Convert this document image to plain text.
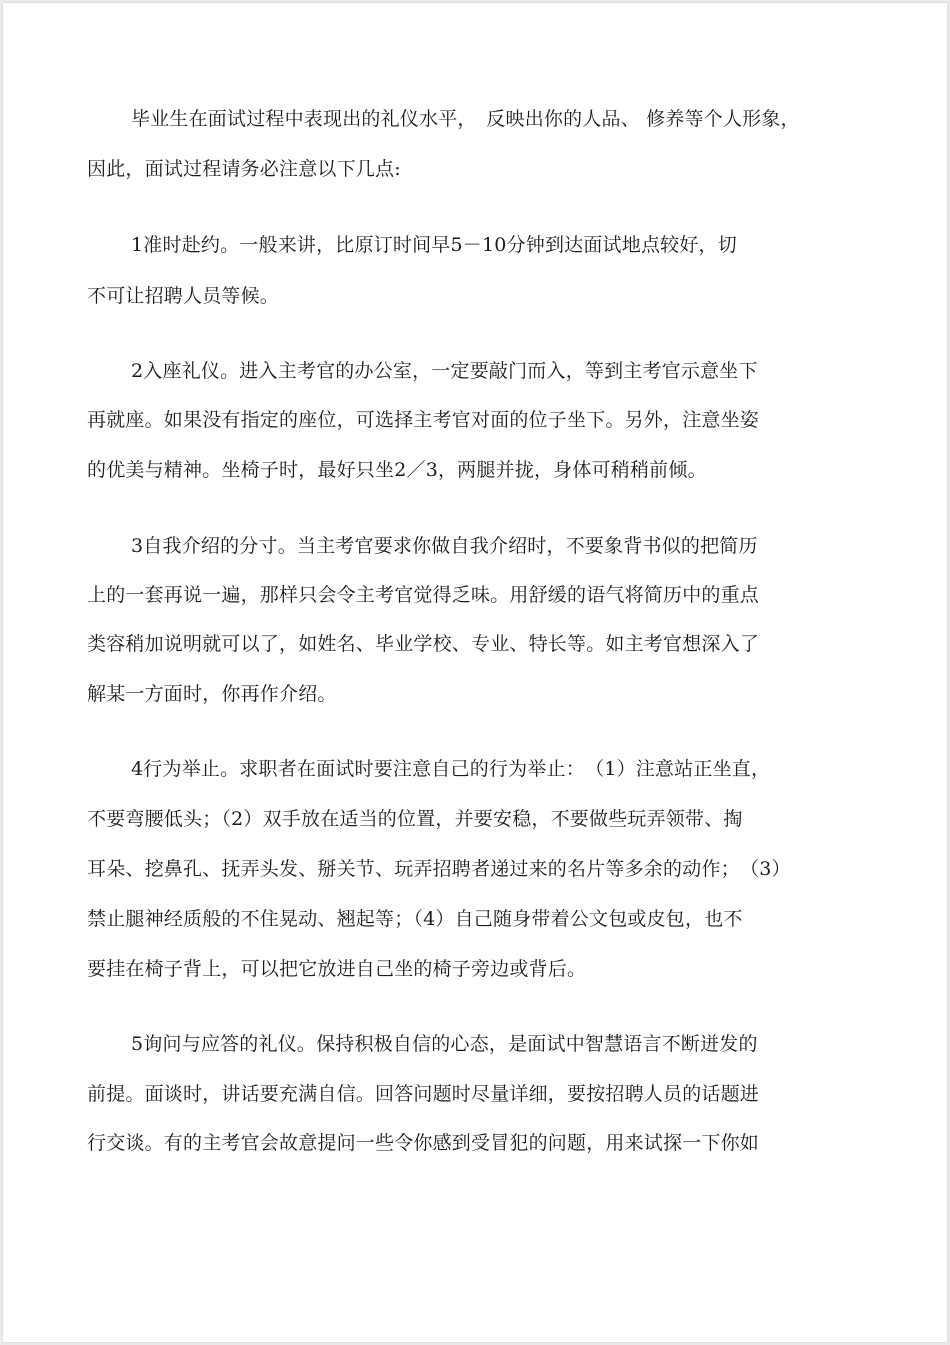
毕业生在面试过程中表现出的礼仪水平，　反映出你的人品、 修养等个人形象，
因此，面试过程请务必注意以下几点:
1准时赴约。一般来讲，比原订时间早5－10分钟到达面试地点较好，切
不可让招聘人员等候。
2入座礼仪。进入主考官的办公室，一定要敲门而入，等到主考官示意坐下
再就座。如果没有指定的座位，可选择主考官对面的位子坐下。另外，注意坐姿
的优美与精神。坐椅子时，最好只坐2／3，两腿并拢，身体可稍稍前倾。
3自我介绍的分寸。当主考官要求你做自我介绍时，不要象背书似的把简历
上的一套再说一遍，那样只会令主考官觉得乏味。用舒缓的语气将简历中的重点
类容稍加说明就可以了，如姓名、毕业学校、专业、特长等。如主考官想深入了
解某一方面时，你再作介绍。
4行为举止。求职者在面试时要注意自己的行为举止：　（1）注意站正坐直，
不要弯腰低头；（2）双手放在适当的位置，并要安稳，不要做些玩弄领带、掏
耳朵、挖鼻孔、抚弄头发、掰关节、玩弄招聘者递过来的名片等多余的动作；　（3）
禁止腿神经质般的不住晃动、翘起等；（4）自己随身带着公文包或皮包，也不
要挂在椅子背上，可以把它放进自己坐的椅子旁边或背后。
5询问与应答的礼仪。保持积极自信的心态，是面试中智慧语言不断迸发的
前提。面谈时，讲话要充满自信。回答问题时尽量详细，要按招聘人员的话题进
行交谈。有的主考官会故意提问一些令你感到受冒犯的问题，用来试探一下你如
